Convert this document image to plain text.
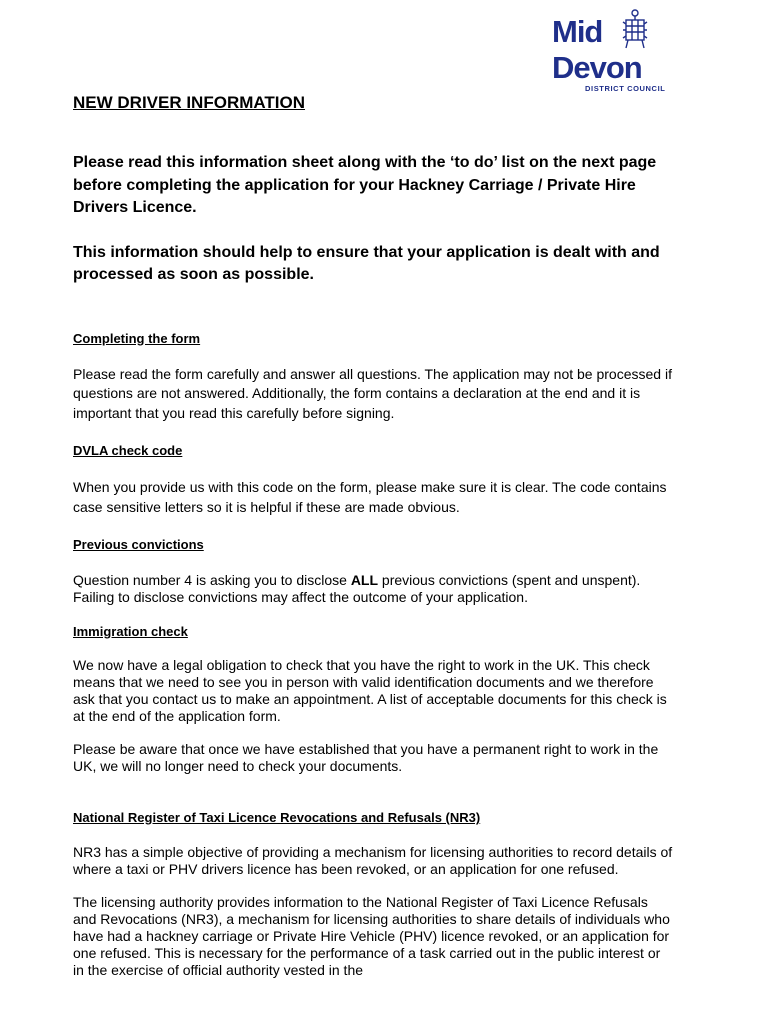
Mid
Devon
DISTRICT COUNCIL
NEW DRIVER INFORMATION

Please read this information sheet along with the ‘to do’ list on the next page before completing the application for your Hackney Carriage / Private Hire Drivers Licence.

This information should help to ensure that your application is dealt with and processed as soon as possible.

Completing the form

Please read the form carefully and answer all questions. The application may not be processed if questions are not answered. Additionally, the form contains a declaration at the end and it is important that you read this carefully before signing.

DVLA check code

When you provide us with this code on the form, please make sure it is clear. The code contains case sensitive letters so it is helpful if these are made obvious.

Previous convictions

Question number 4 is asking you to disclose ALL previous convictions (spent and unspent). Failing to disclose convictions may affect the outcome of your application.

Immigration check

We now have a legal obligation to check that you have the right to work in the UK. This check means that we need to see you in person with valid identification documents and we therefore ask that you contact us to make an appointment. A list of acceptable documents for this check is at the end of the application form.

Please be aware that once we have established that you have a permanent right to work in the UK, we will no longer need to check your documents.

National Register of Taxi Licence Revocations and Refusals (NR3)

NR3 has a simple objective of providing a mechanism for licensing authorities to record details of where a taxi or PHV drivers licence has been revoked, or an application for one refused.

The licensing authority provides information to the National Register of Taxi Licence Refusals and Revocations (NR3), a mechanism for licensing authorities to share details of individuals who have had a hackney carriage or Private Hire Vehicle (PHV) licence revoked, or an application for one refused. This is necessary for the performance of a task carried out in the public interest or in the exercise of official authority vested in the
